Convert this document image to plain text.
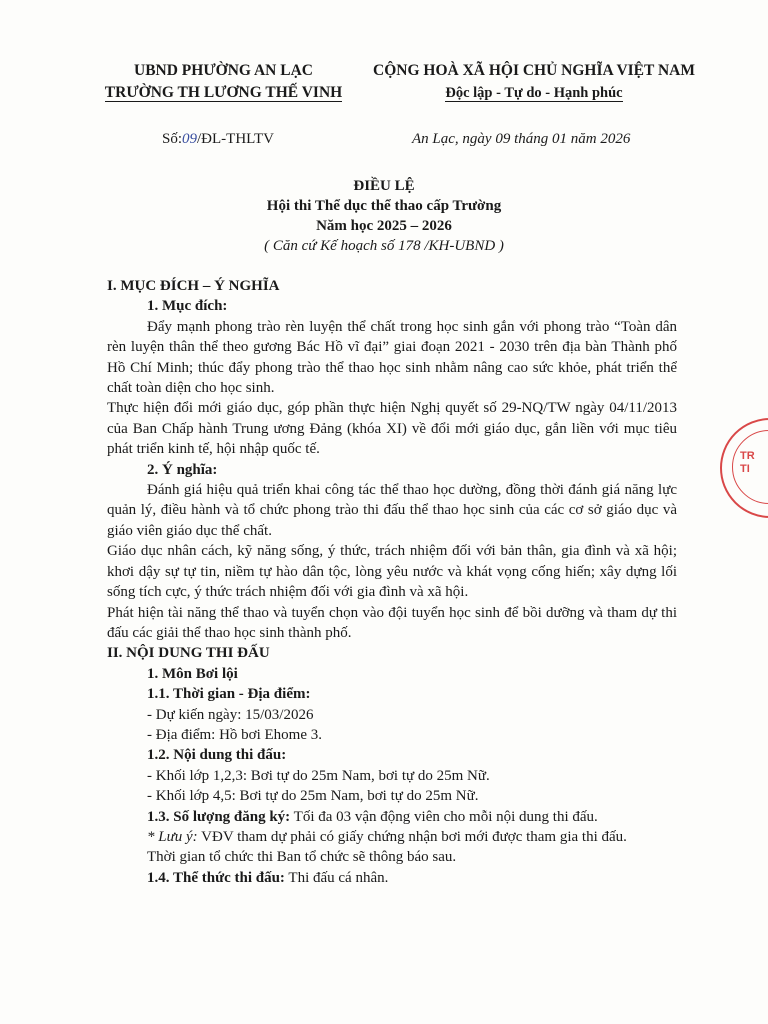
UBND PHƯỜNG AN LẠC
TRƯỜNG TH LƯƠNG THẾ VINH
CỘNG HOÀ XÃ HỘI CHỦ NGHĨA VIỆT NAM
Độc lập - Tự do - Hạnh phúc
Số:09/ĐL-THLTV	An Lạc, ngày 09 tháng 01 năm 2026
ĐIỀU LỆ
Hội thi Thể dục thể thao cấp Trường
Năm học 2025 – 2026
( Căn cứ Kế hoạch số 178 /KH-UBND )

I. MỤC ĐÍCH – Ý NGHĨA

1. Mục đích:

Đẩy mạnh phong trào rèn luyện thể chất trong học sinh gắn với phong trào “Toàn dân rèn luyện thân thể theo gương Bác Hồ vĩ đại” giai đoạn 2021 - 2030 trên địa bàn Thành phố Hồ Chí Minh; thúc đẩy phong trào thể thao học sinh nhằm nâng cao sức khỏe, phát triển thể chất toàn diện cho học sinh.

Thực hiện đổi mới giáo dục, góp phần thực hiện Nghị quyết số 29-NQ/TW ngày 04/11/2013 của Ban Chấp hành Trung ương Đảng (khóa XI) về đổi mới giáo dục, gắn liền với mục tiêu phát triển kinh tế, hội nhập quốc tế.

2. Ý nghĩa:

Đánh giá hiệu quả triển khai công tác thể thao học dường, đồng thời đánh giá năng lực quản lý, điều hành và tổ chức phong trào thi đấu thể thao học sinh của các cơ sở giáo dục và giáo viên giáo dục thể chất.

Giáo dục nhân cách, kỹ năng sống, ý thức, trách nhiệm đối với bản thân, gia đình và xã hội; khơi dậy sự tự tin, niềm tự hào dân tộc, lòng yêu nước và khát vọng cống hiến; xây dựng lối sống tích cực, ý thức trách nhiệm đối với gia đình và xã hội.

Phát hiện tài năng thể thao và tuyển chọn vào đội tuyển học sinh để bồi dưỡng và tham dự thi đấu các giải thể thao học sinh thành phố.

II. NỘI DUNG THI ĐẤU

1. Môn Bơi lội

1.1. Thời gian - Địa điểm:

- Dự kiến ngày: 15/03/2026

- Địa điểm: Hồ bơi Ehome 3.

1.2. Nội dung thi đấu:

- Khối lớp 1,2,3: Bơi tự do 25m Nam, bơi tự do 25m Nữ.

- Khối lớp 4,5: Bơi tự do 25m Nam, bơi tự do 25m Nữ.

1.3. Số lượng đăng ký: Tối đa 03 vận động viên cho mỗi nội dung thi đấu.

* Lưu ý: VĐV tham dự phải có giấy chứng nhận bơi mới được tham gia thi đấu.

Thời gian tổ chức thi Ban tổ chức sẽ thông báo sau.

1.4. Thể thức thi đấu: Thi đấu cá nhân.

TR
TI
